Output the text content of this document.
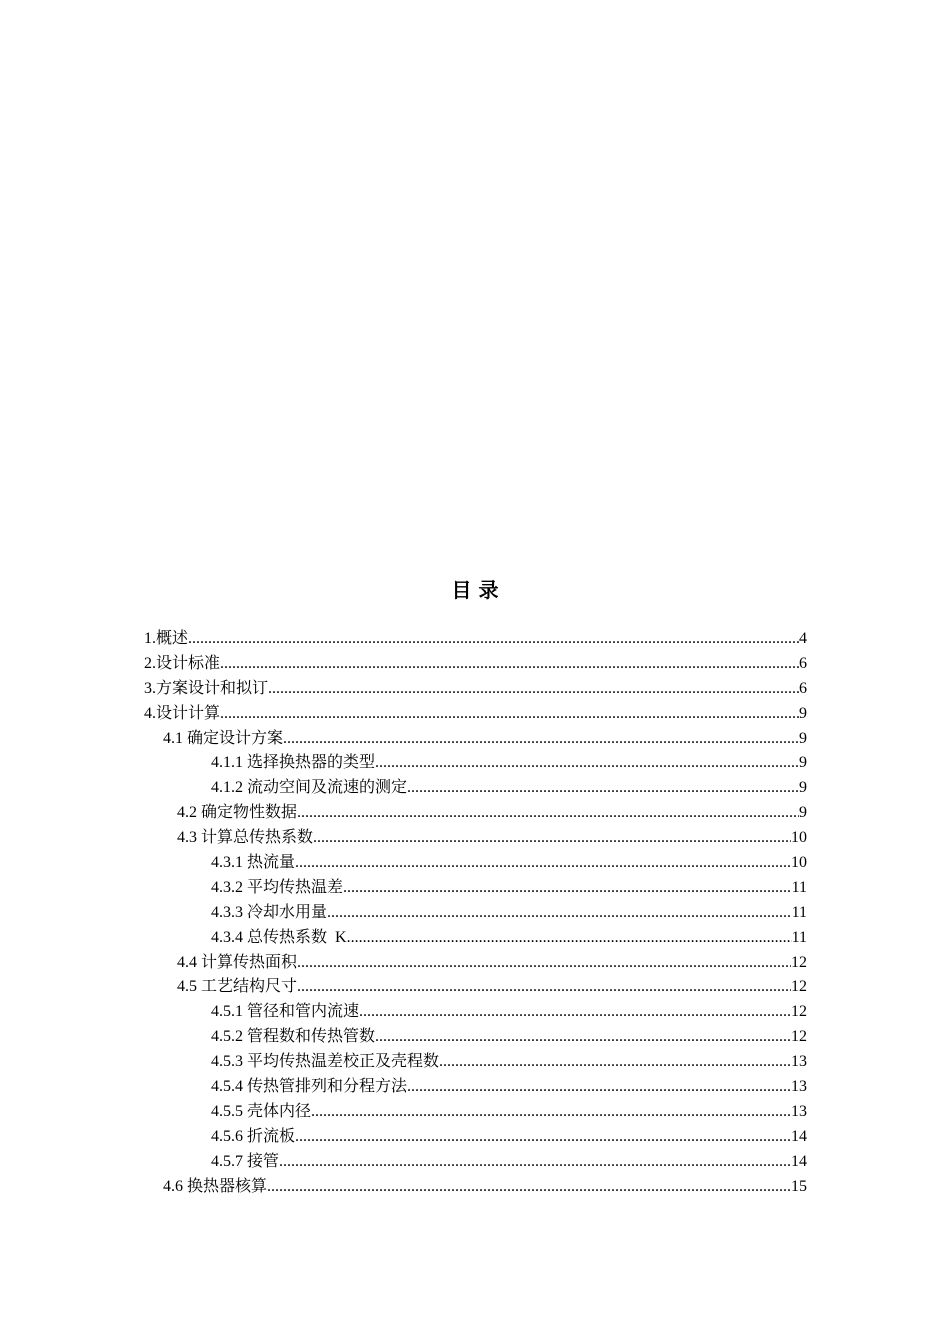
目 录
1.概述 .....	4
2.设计标准 .....	6
3.方案设计和拟订 .....	6
4.设计计算 .....	9
4.1 确定设计方案 .....	9
4.1.1 选择换热器的类型 .....	9
4.1.2 流动空间及流速的测定 .....	9
4.2 确定物性数据 .....	9
4.3 计算总传热系数 .....	10
4.3.1 热流量 .....	10
4.3.2 平均传热温差 .....	11
4.3.3 冷却水用量 .....	11
4.3.4 总传热系数  K .....	11
4.4 计算传热面积 .....	12
4.5 工艺结构尺寸 .....	12
4.5.1 管径和管内流速 .....	12
4.5.2 管程数和传热管数 .....	12
4.5.3 平均传热温差校正及壳程数 .....	13
4.5.4 传热管排列和分程方法 .....	13
4.5.5 壳体内径 .....	13
4.5.6 折流板 .....	14
4.5.7 接管 .....	14
4.6 换热器核算 .....	15
